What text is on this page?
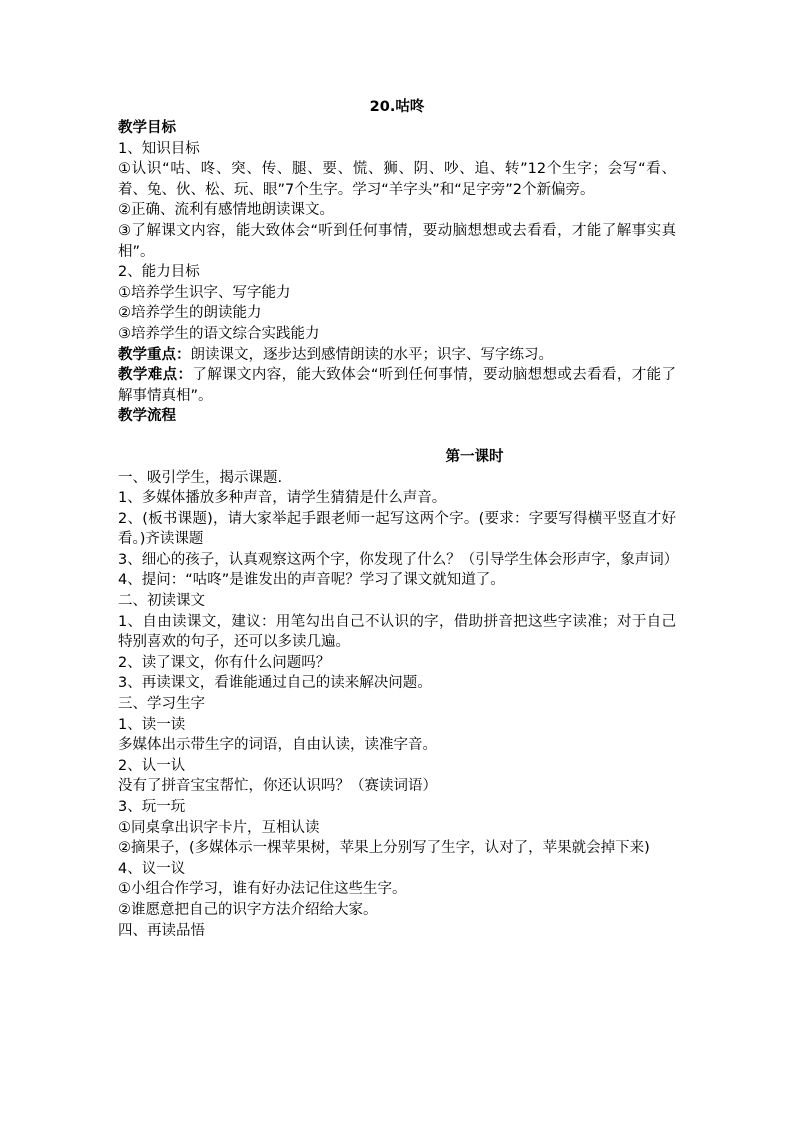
20.咕咚
教学目标
1、知识目标
①认识“咕、咚、突、传、腿、要、慌、狮、阴、吵、追、转”12个生字；会写“看、着、兔、伙、松、玩、眼”7个生字。学习“羊字头”和“足字旁”2个新偏旁。
②正确、流利有感情地朗读课文。
③了解课文内容，能大致体会“听到任何事情，要动脑想想或去看看，才能了解事实真相”。
2、能力目标
①培养学生识字、写字能力
②培养学生的朗读能力
③培养学生的语文综合实践能力
教学重点：朗读课文，逐步达到感情朗读的水平；识字、写字练习。
教学难点：了解课文内容，能大致体会“听到任何事情，要动脑想想或去看看，才能了解事情真相”。
教学流程
第一课时
一、吸引学生，揭示课题.
1、多媒体播放多种声音，请学生猜猜是什么声音。
2、(板书课题)，请大家举起手跟老师一起写这两个字。(要求：字要写得横平竖直才好看。)齐读课题
3、细心的孩子，认真观察这两个字，你发现了什么？（引导学生体会形声字，象声词）
4、提问：“咕咚”是谁发出的声音呢？学习了课文就知道了。
二、初读课文
1、自由读课文，建议：用笔勾出自己不认识的字，借助拼音把这些字读准；对于自己特别喜欢的句子，还可以多读几遍。
2、读了课文，你有什么问题吗？
3、再读课文，看谁能通过自己的读来解决问题。
三、学习生字
1、读一读
多媒体出示带生字的词语，自由认读，读准字音。
2、认一认
没有了拼音宝宝帮忙，你还认识吗？（赛读词语）
3、玩一玩
①同桌拿出识字卡片，互相认读
②摘果子，(多媒体示一棵苹果树，苹果上分别写了生字，认对了，苹果就会掉下来)
4、议一议
①小组合作学习，谁有好办法记住这些生字。
②谁愿意把自己的识字方法介绍给大家。
四、再读品悟
